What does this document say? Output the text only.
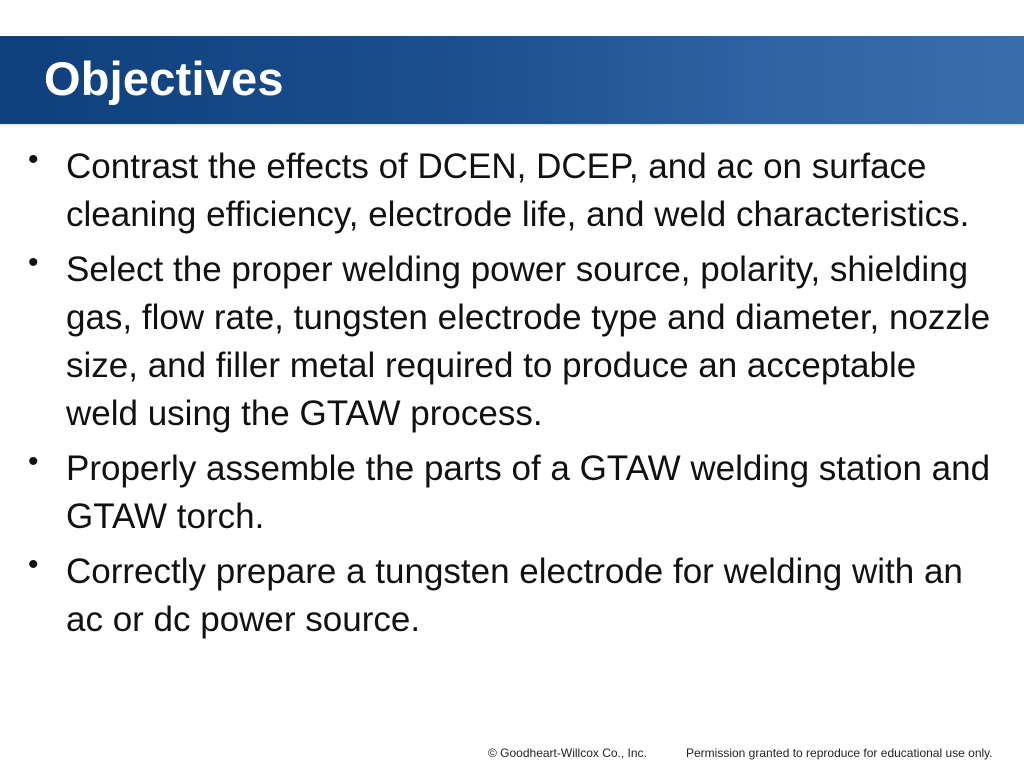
Objectives
• Contrast the effects of DCEN, DCEP, and ac on surface cleaning efficiency, electrode life, and weld characteristics.
• Select the proper welding power source, polarity, shielding gas, flow rate, tungsten electrode type and diameter, nozzle size, and filler metal required to produce an acceptable weld using the GTAW process.
• Properly assemble the parts of a GTAW welding station and GTAW torch.
• Correctly prepare a tungsten electrode for welding with an ac or dc power source.
© Goodheart-Willcox Co., Inc.	Permission granted to reproduce for educational use only.
